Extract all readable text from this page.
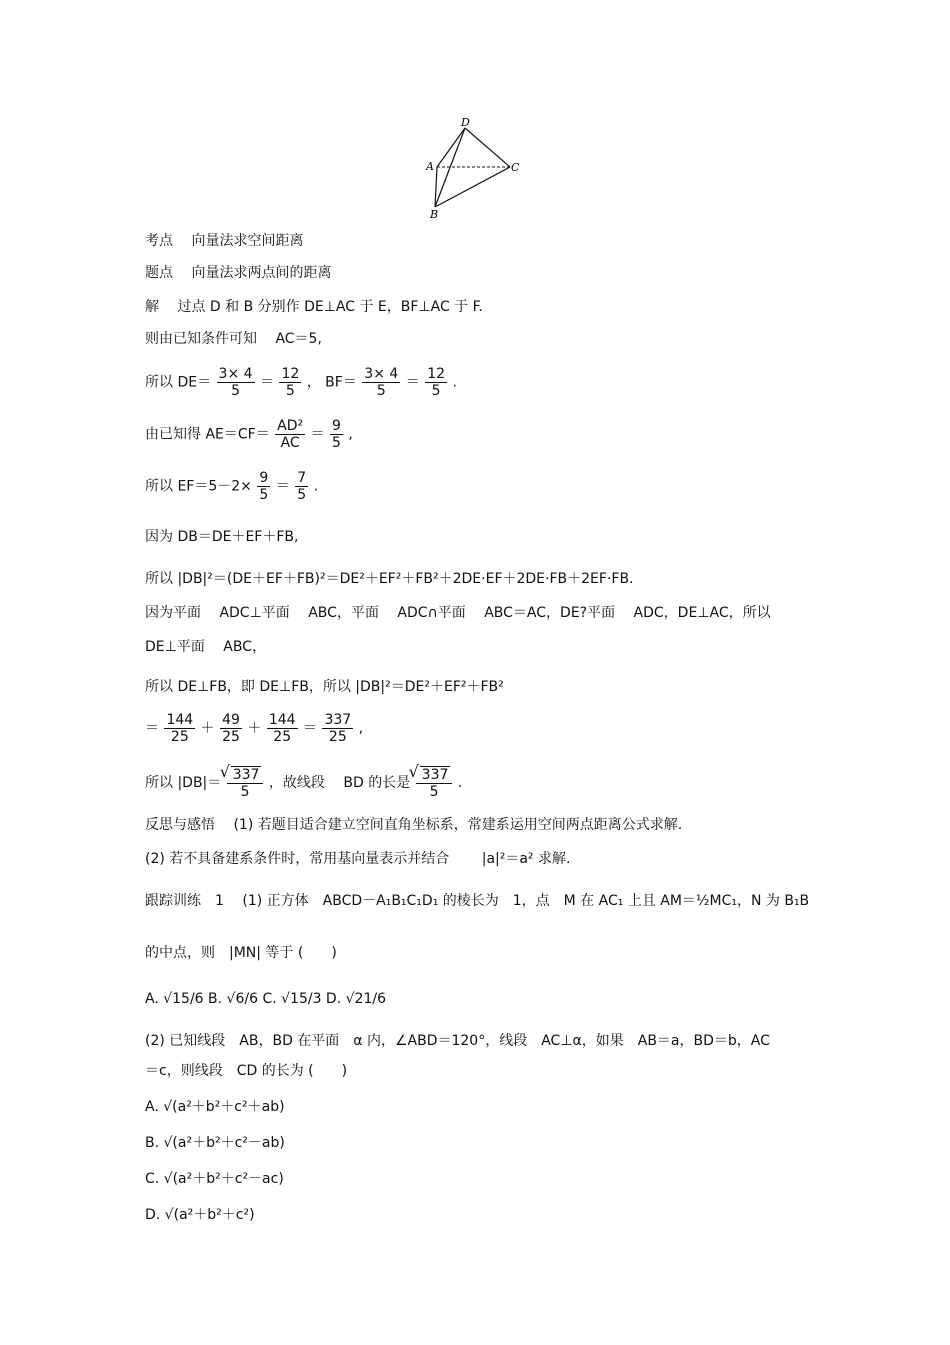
D
A	C
B
考点　 向量法求空间距离
题点　 向量法求两点间的距离
解　 过点 D 和 B 分别作 DE⊥AC 于 E，BF⊥AC 于 F.
则由已知条件可知　 AC＝5,
所以 $DE= \frac{3\times 4}{5} = \frac{12}{5}$ ， $BF= \frac{3\times 4}{5} = \frac{12}{5}$ .
由已知得 $AE=CF= \frac{\text{AD²}}{AC} = \frac{9}{5}$ ,
所以 $EF=5-2\times \frac{9}{5} = \frac{7}{5}$ .
因为 DB＝DE＋EF＋FB,
所以 |DB|²＝(DE＋EF＋FB)²＝DE²＋EF²＋FB²＋2DE·EF＋2DE·FB＋2EF·FB.
因为平面　 ADC⊥平面　 ABC，平面　 ADC∩平面　 ABC＝AC，DE?平面　 ADC，DE⊥AC，所以
DE⊥平面　 ABC，
所以 DE⊥FB，即 DE⊥FB，所以 |DB|²＝DE²＋EF²＋FB²
＝ $\frac{144}{25} + \frac{49}{25} + \frac{144}{25} = \frac{337}{25}$ ,
所以 |DB|＝ √ $\frac{337}{5}$ ，故线段　 BD 的长是 √ $\frac{337}{5}$ .
反思与感悟　 (1) 若题目适合建立空间直角坐标系，常建系运用空间两点距离公式求解.
(2) 若不具备建系条件时，常用基向量表示并结合　　 |a|²＝a² 求解.
跟踪训练　1　 (1) 正方体　ABCD－A₁B₁C₁D₁ 的棱长为　1，点　M 在 AC₁ 上且 AM＝½MC₁，N 为 B₁B
的中点，则　|MN| 等于 (　　)
A. √15/6 B. √6/6 C. √15/3 D. √21/6
(2) 已知线段　AB，BD 在平面　α 内，∠ABD＝120°，线段　AC⊥α，如果　AB＝a，BD＝b，AC
＝c，则线段　CD 的长为 (　　)
A. √(a²＋b²＋c²＋ab)
B. √(a²＋b²＋c²－ab)
C. √(a²＋b²＋c²－ac)
D. √(a²＋b²＋c²)
